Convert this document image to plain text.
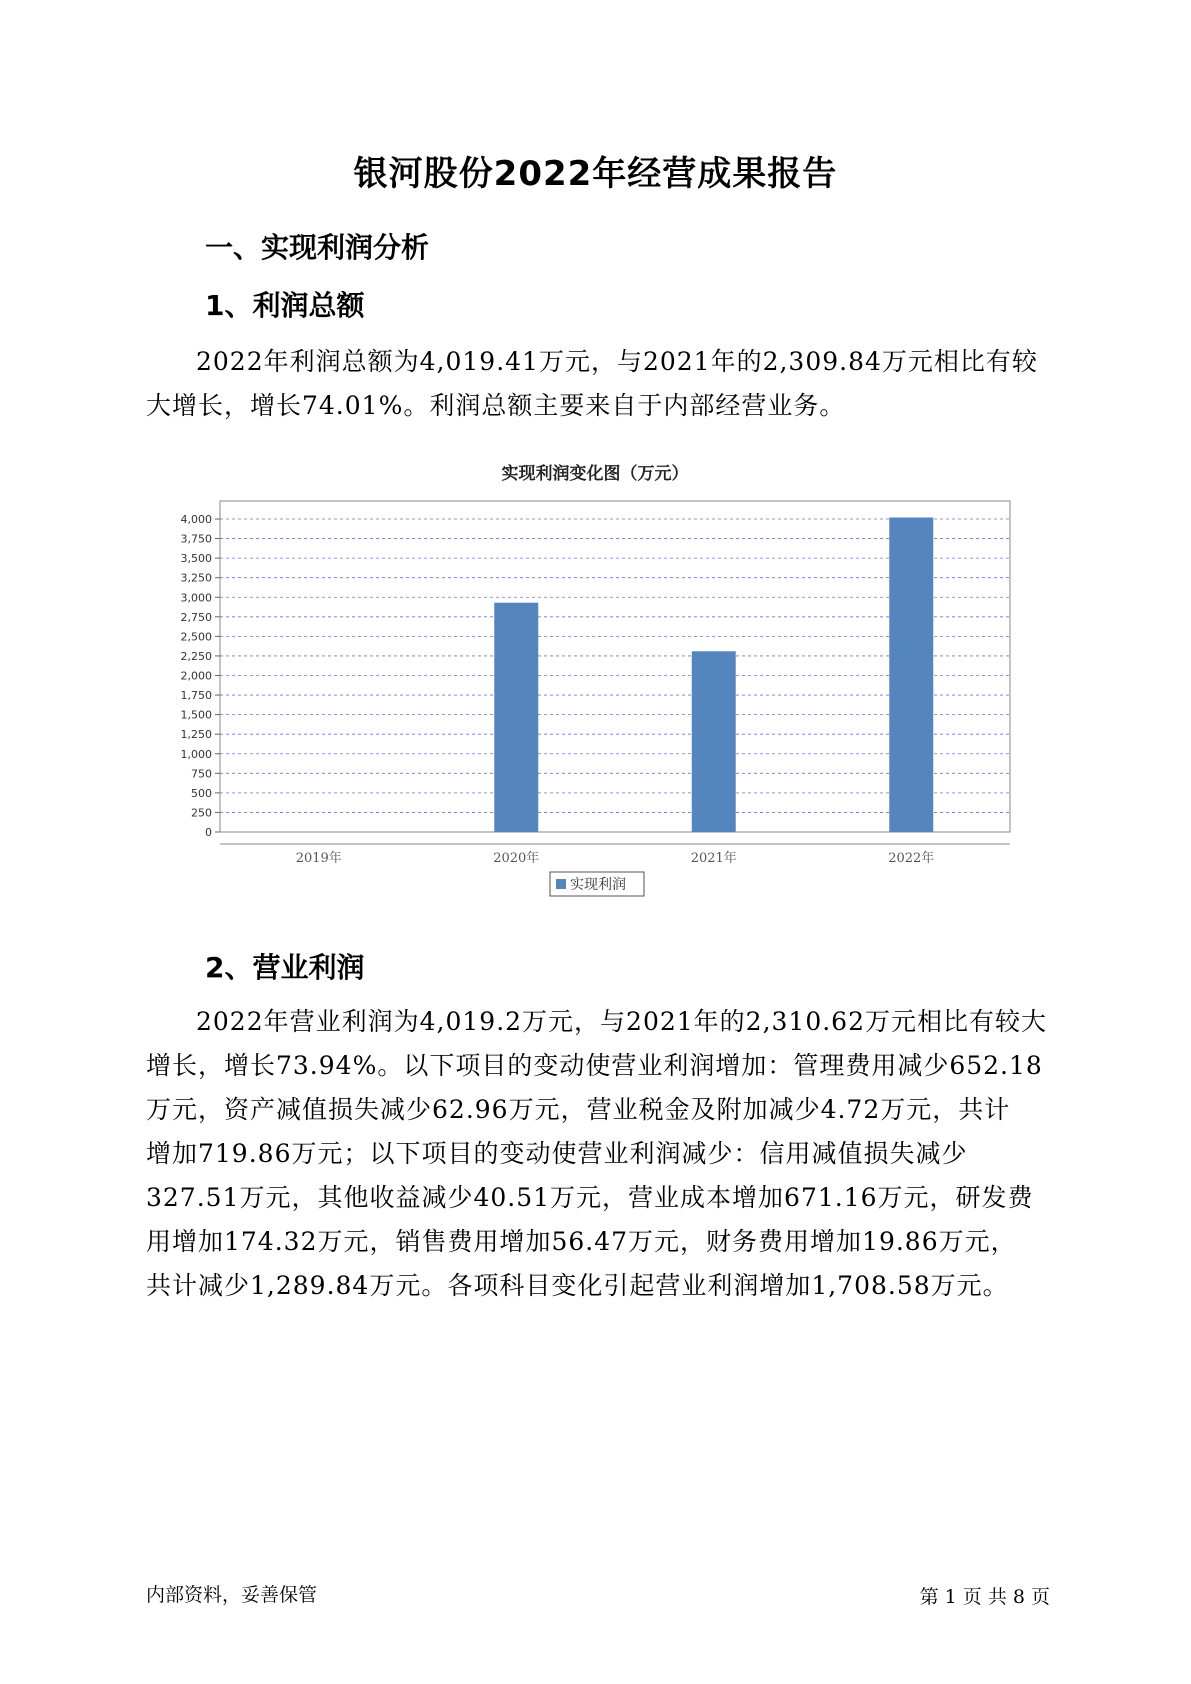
银河股份2022年经营成果报告
一、实现利润分析
1、利润总额
2022年利润总额为4,019.41万元，与2021年的2,309.84万元相比有较
大增长，增长74.01%。利润总额主要来自于内部经营业务。
实现利润变化图（万元）
0
250
500
750
1,000
1,250
1,500
1,750
2,000
2,250
2,500
2,750
3,000
3,250
3,500
3,750
4,000
2019年	2020年	2021年	2022年
实现利润
2、营业利润
2022年营业利润为4,019.2万元，与2021年的2,310.62万元相比有较大
增长，增长73.94%。以下项目的变动使营业利润增加：管理费用减少652.18
万元，资产减值损失减少62.96万元，营业税金及附加减少4.72万元，共计
增加719.86万元；以下项目的变动使营业利润减少：信用减值损失减少
327.51万元，其他收益减少40.51万元，营业成本增加671.16万元，研发费
用增加174.32万元，销售费用增加56.47万元，财务费用增加19.86万元，
共计减少1,289.84万元。各项科目变化引起营业利润增加1,708.58万元。
内部资料，妥善保管	第 1 页 共 8 页
